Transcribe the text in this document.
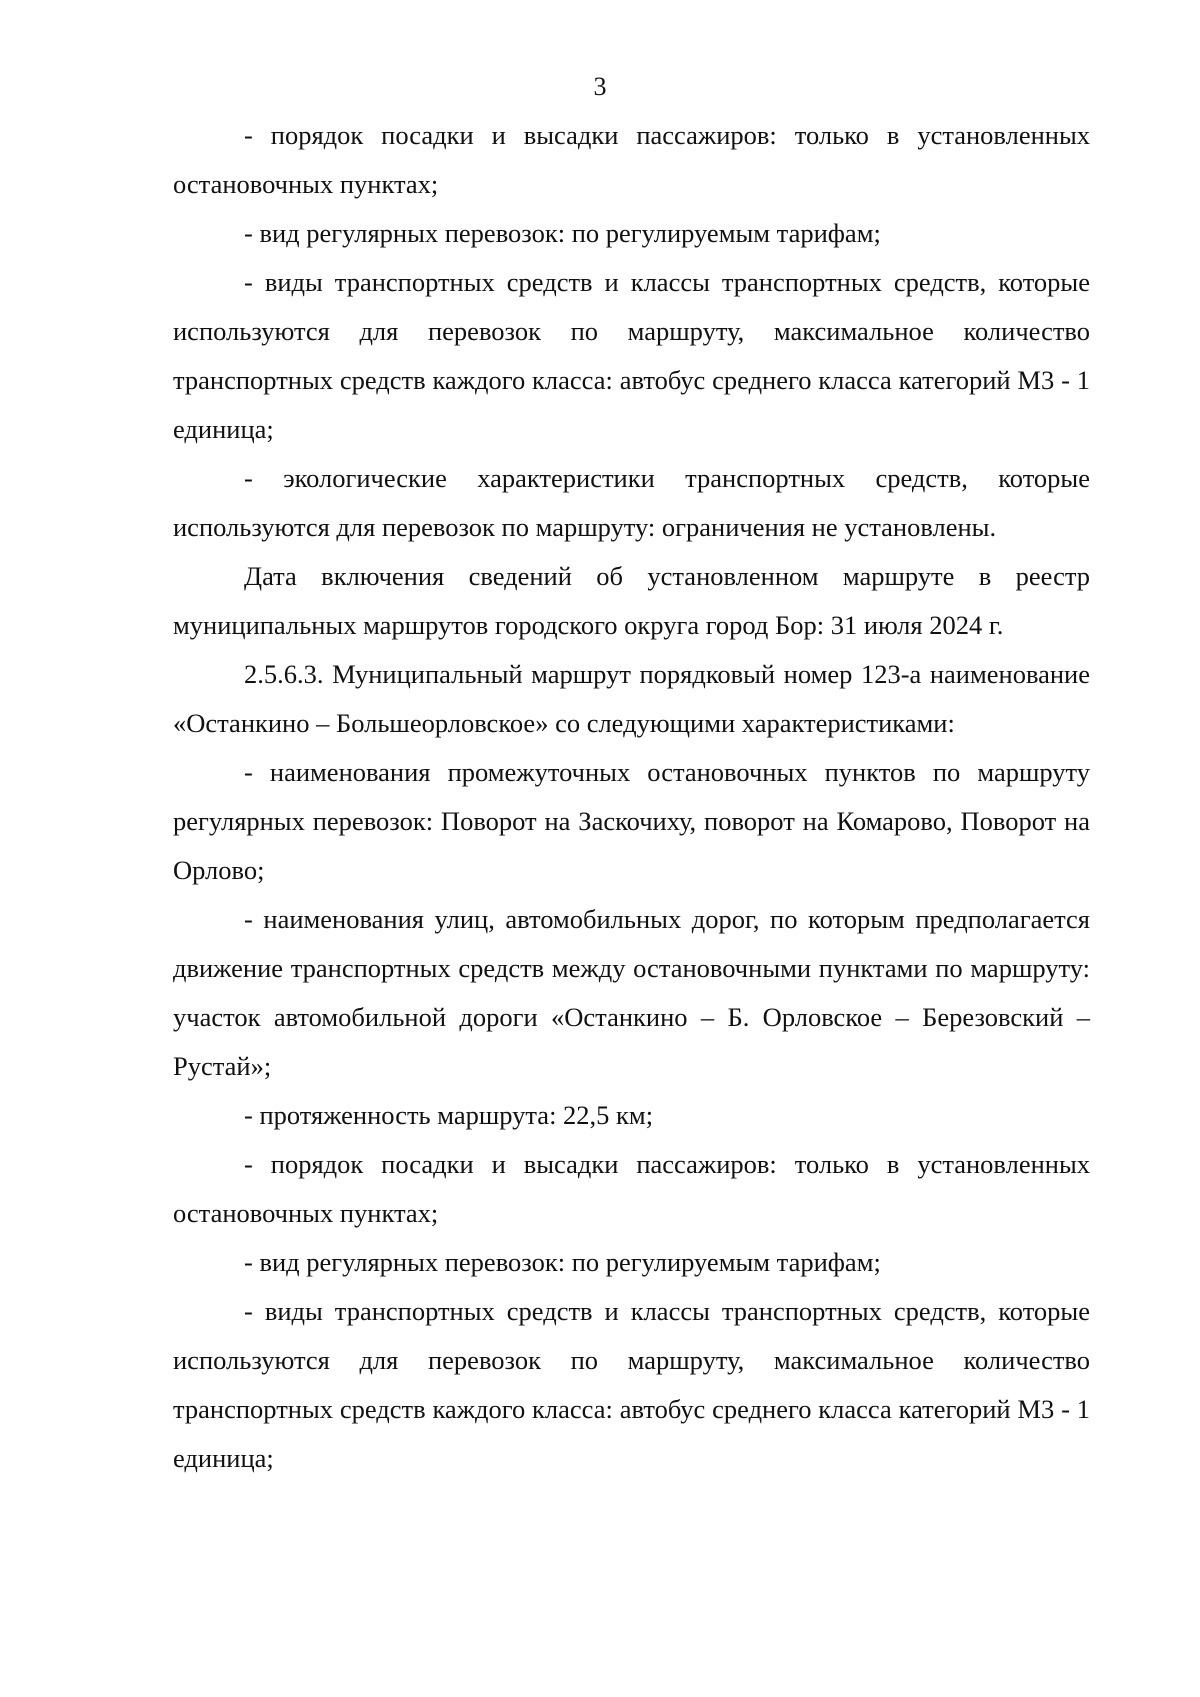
3

- порядок посадки и высадки пассажиров: только в установленных остановочных пунктах;

- вид регулярных перевозок: по регулируемым тарифам;

- виды транспортных средств и классы транспортных средств, которые используются для перевозок по маршруту, максимальное количество транспортных средств каждого класса: автобус среднего класса категорий М3 - 1 единица;

- экологические характеристики транспортных средств, которые используются для перевозок по маршруту: ограничения не установлены.

Дата включения сведений об установленном маршруте в реестр муниципальных маршрутов городского округа город Бор: 31 июля 2024 г.

2.5.6.3. Муниципальный маршрут порядковый номер 123-а наименование «Останкино – Большеорловское» со следующими характеристиками:

- наименования промежуточных остановочных пунктов по маршруту регулярных перевозок: Поворот на Заскочиху, поворот на Комарово, Поворот на Орлово;

- наименования улиц, автомобильных дорог, по которым предполагается движение транспортных средств между остановочными пунктами по маршруту: участок автомобильной дороги «Останкино – Б. Орловское – Березовский – Рустай»;

- протяженность маршрута: 22,5 км;

- порядок посадки и высадки пассажиров: только в установленных остановочных пунктах;

- вид регулярных перевозок: по регулируемым тарифам;

- виды транспортных средств и классы транспортных средств, которые используются для перевозок по маршруту, максимальное количество транспортных средств каждого класса: автобус среднего класса категорий М3 - 1 единица;
